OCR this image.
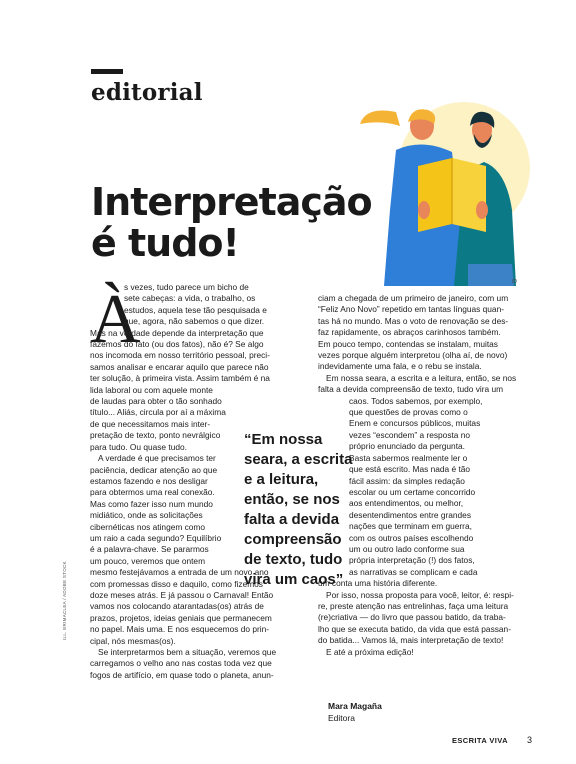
editorial
Interpretação
é tudo!
ID
À
s vezes, tudo parece um bicho de
sete cabeças: a vida, o trabalho, os
estudos, aquela tese tão pesquisada e
que, agora, não sabemos o que dizer.
Mas na verdade depende da interpretação que
fazemos do fato (ou dos fatos), não é? Se algo
nos incomoda em nosso território pessoal, preci-
samos analisar e encarar aquilo que parece não
ter solução, à primeira vista. Assim também é na
lida laboral ou com aquele monte
de laudas para obter o tão sonhado
título... Aliás, circula por aí a máxima
de que necessitamos mais inter-
pretação de texto, ponto nevrálgico
para tudo. Ou quase tudo.
A verdade é que precisamos ter
paciência, dedicar atenção ao que
estamos fazendo e nos desligar
para obtermos uma real conexão.
Mas como fazer isso num mundo
midiático, onde as solicitações
cibernéticas nos atingem como
um raio a cada segundo? Equilíbrio
é a palavra-chave. Se pararmos
um pouco, veremos que ontem
mesmo festejávamos a entrada de um novo ano
com promessas disso e daquilo, como fizemos
doze meses atrás. E já passou o Carnaval! Então
vamos nos colocando atarantadas(os) atrás de
prazos, projetos, ideias geniais que permanecem
no papel. Mais uma. E nos esquecemos do prin-
cipal, nós mesmas(os).
Se interpretarmos bem a situação, veremos que
carregamos o velho ano nas costas toda vez que
fogos de artifício, em quase todo o planeta, anun-
ciam a chegada de um primeiro de janeiro, com um
“Feliz Ano Novo” repetido em tantas línguas quan-
tas há no mundo. Mas o voto de renovação se des-
faz rapidamente, os abraços carinhosos também.
Em pouco tempo, contendas se instalam, muitas
vezes porque alguém interpretou (olha aí, de novo)
indevidamente uma fala, e o rebu se instala.
Em nossa seara, a escrita e a leitura, então, se nos
falta a devida compreensão de texto, tudo vira um
caos. Todos sabemos, por exemplo,
que questões de provas como o
Enem e concursos públicos, muitas
vezes “escondem” a resposta no
próprio enunciado da pergunta.
Basta sabermos realmente ler o
que está escrito. Mas nada é tão
fácil assim: da simples redação
escolar ou um certame concorrido
aos entendimentos, ou melhor,
desentendimentos entre grandes
nações que terminam em guerra,
com os outros países escolhendo
um ou outro lado conforme sua
própria interpretação (!) dos fatos,
as narrativas se complicam e cada
um conta uma história diferente.
Por isso, nossa proposta para você, leitor, é: respi-
re, preste atenção nas entrelinhas, faça uma leitura
(re)criativa — do livro que passou batido, da traba-
lho que se executa batido, da vida que está passan-
do batida... Vamos lá, mais interpretação de texto!
E até a próxima edição!
“Em nossa
seara, a escrita
e a leitura,
então, se nos
falta a devida
compreensão
de texto, tudo
vira um caos”
Mara Magaña
Editora
ILL. ERIMACLEA / ADOBE STOCK
ESCRITA VIVA 3
